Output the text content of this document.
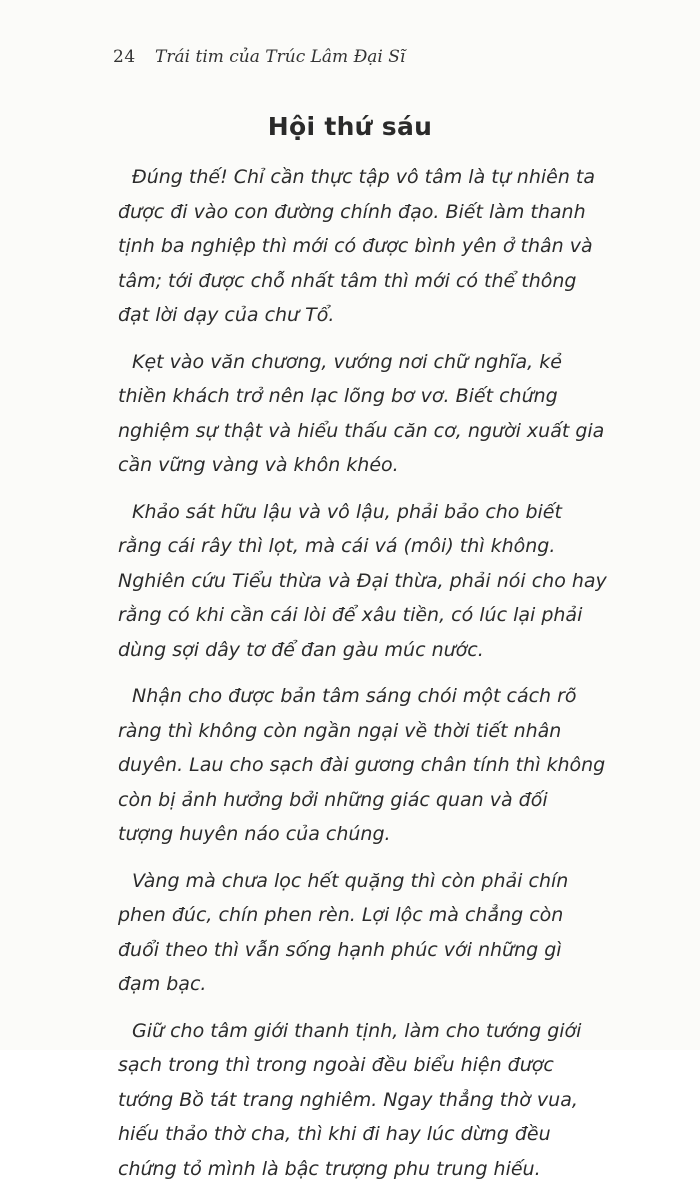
24 Trái tim của Trúc Lâm Đại Sĩ
Hội thứ sáu

Đúng thế! Chỉ cần thực tập vô tâm là tự nhiên ta được đi vào con đường chính đạo. Biết làm thanh tịnh ba nghiệp thì mới có được bình yên ở thân và tâm; tới được chỗ nhất tâm thì mới có thể thông đạt lời dạy của chư Tổ.

Kẹt vào văn chương, vướng nơi chữ nghĩa, kẻ thiền khách trở nên lạc lõng bơ vơ. Biết chứng nghiệm sự thật và hiểu thấu căn cơ, người xuất gia cần vững vàng và khôn khéo.

Khảo sát hữu lậu và vô lậu, phải bảo cho biết rằng cái rây thì lọt, mà cái vá (môi) thì không. Nghiên cứu Tiểu thừa và Đại thừa, phải nói cho hay rằng có khi cần cái lòi để xâu tiền, có lúc lại phải dùng sợi dây tơ để đan gàu múc nước.

Nhận cho được bản tâm sáng chói một cách rõ ràng thì không còn ngần ngại về thời tiết nhân duyên. Lau cho sạch đài gương chân tính thì không còn bị ảnh hưởng bởi những giác quan và đối tượng huyên náo của chúng.

Vàng mà chưa lọc hết quặng thì còn phải chín phen đúc, chín phen rèn. Lợi lộc mà chẳng còn đuổi theo thì vẫn sống hạnh phúc với những gì đạm bạc.

Giữ cho tâm giới thanh tịnh, làm cho tướng giới sạch trong thì trong ngoài đều biểu hiện được tướng Bồ tát trang nghiêm. Ngay thẳng thờ vua, hiếu thảo thờ cha, thì khi đi hay lúc dừng đều chứng tỏ mình là bậc trượng phu trung hiếu.
